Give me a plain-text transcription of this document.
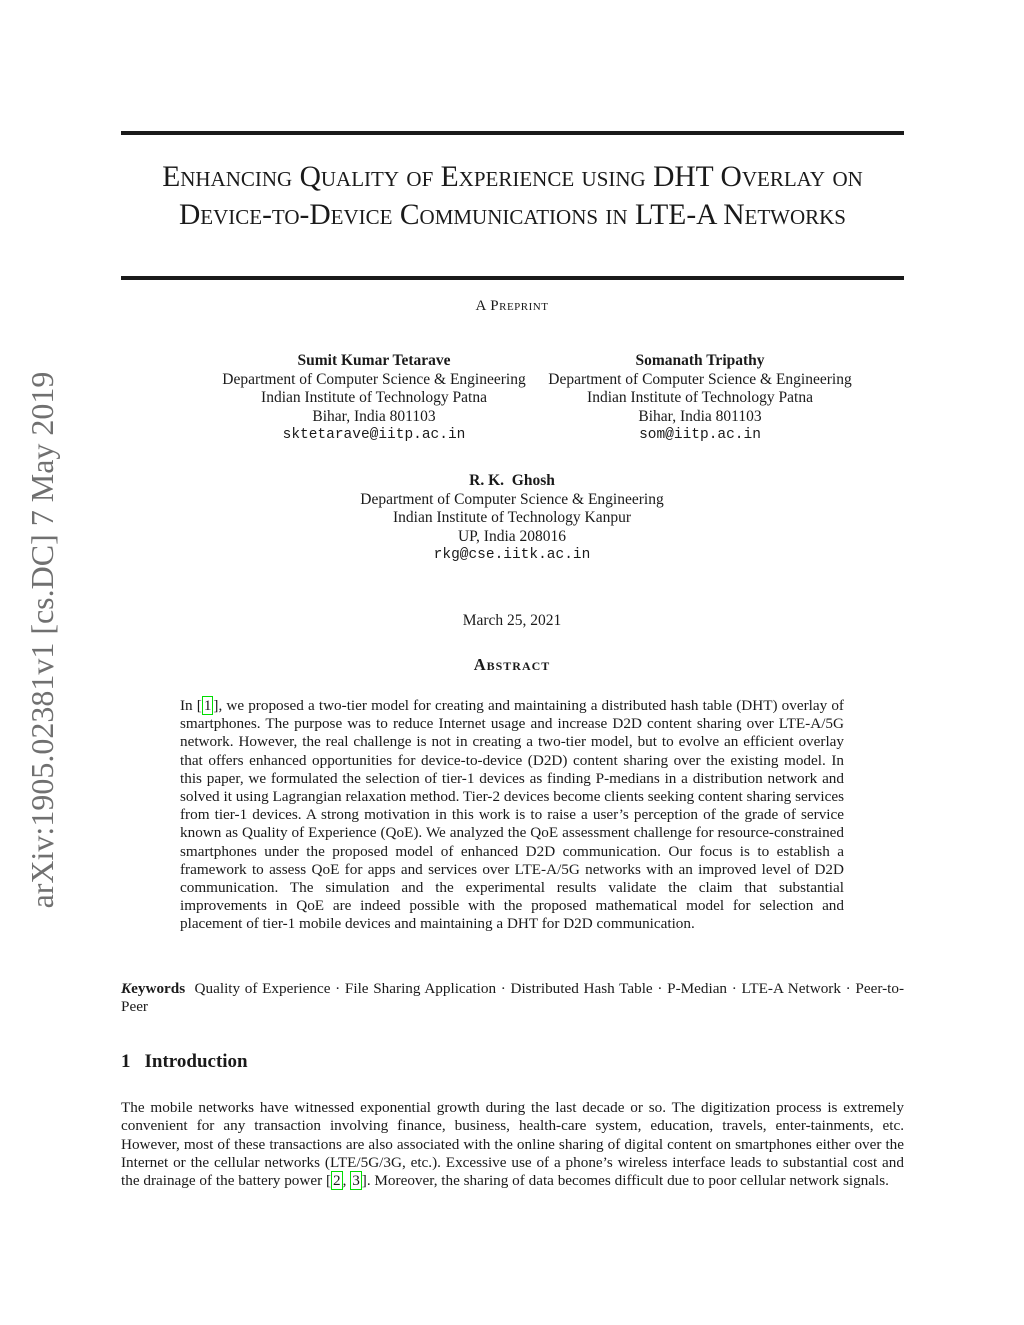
arXiv:1905.02381v1 [cs.DC] 7 May 2019
Enhancing Quality of Experience using DHT Overlay on Device-to-Device Communications in LTE-A Networks
A Preprint
Sumit Kumar Tetarave
Department of Computer Science & Engineering
Indian Institute of Technology Patna
Bihar, India 801103
sktetarave@iitp.ac.in
Somanath Tripathy
Department of Computer Science & Engineering
Indian Institute of Technology Patna
Bihar, India 801103
som@iitp.ac.in
R. K.  Ghosh
Department of Computer Science & Engineering
Indian Institute of Technology Kanpur
UP, India 208016
rkg@cse.iitk.ac.in
March 25, 2021
Abstract
In [ 1 ], we proposed a two-tier model for creating and maintaining a distributed hash table (DHT) overlay of smartphones. The purpose was to reduce Internet usage and increase D2D content sharing over LTE-A/5G network. However, the real challenge is not in creating a two-tier model, but to evolve an efficient overlay that offers enhanced opportunities for device-to-device (D2D) content sharing over the existing model. In this paper, we formulated the selection of tier-1 devices as finding P-medians in a distribution network and solved it using Lagrangian relaxation method. Tier-2 devices become clients seeking content sharing services from tier-1 devices. A strong motivation in this work is to raise a user’s perception of the grade of service known as Quality of Experience (QoE). We analyzed the QoE assessment challenge for resource-constrained smartphones under the proposed model of enhanced D2D communication. Our focus is to establish a framework to assess QoE for apps and services over LTE-A/5G networks with an improved level of D2D communication. The simulation and the experimental results validate the claim that substantial improvements in QoE are indeed possible with the proposed mathematical model for selection and placement of tier-1 mobile devices and maintaining a DHT for D2D communication.
Keywords Quality of Experience · File Sharing Application · Distributed Hash Table · P-Median · LTE-A Network · Peer-to-Peer
1 Introduction
The mobile networks have witnessed exponential growth during the last decade or so. The digitization process is extremely convenient for any transaction involving finance, business, health-care system, education, travels, enter-tainments, etc. However, most of these transactions are also associated with the online sharing of digital content on smartphones either over the Internet or the cellular networks (LTE/5G/3G, etc.). Excessive use of a phone’s wireless interface leads to substantial cost and the drainage of the battery power [ 2 , 3 ]. Moreover, the sharing of data becomes difficult due to poor cellular network signals.
